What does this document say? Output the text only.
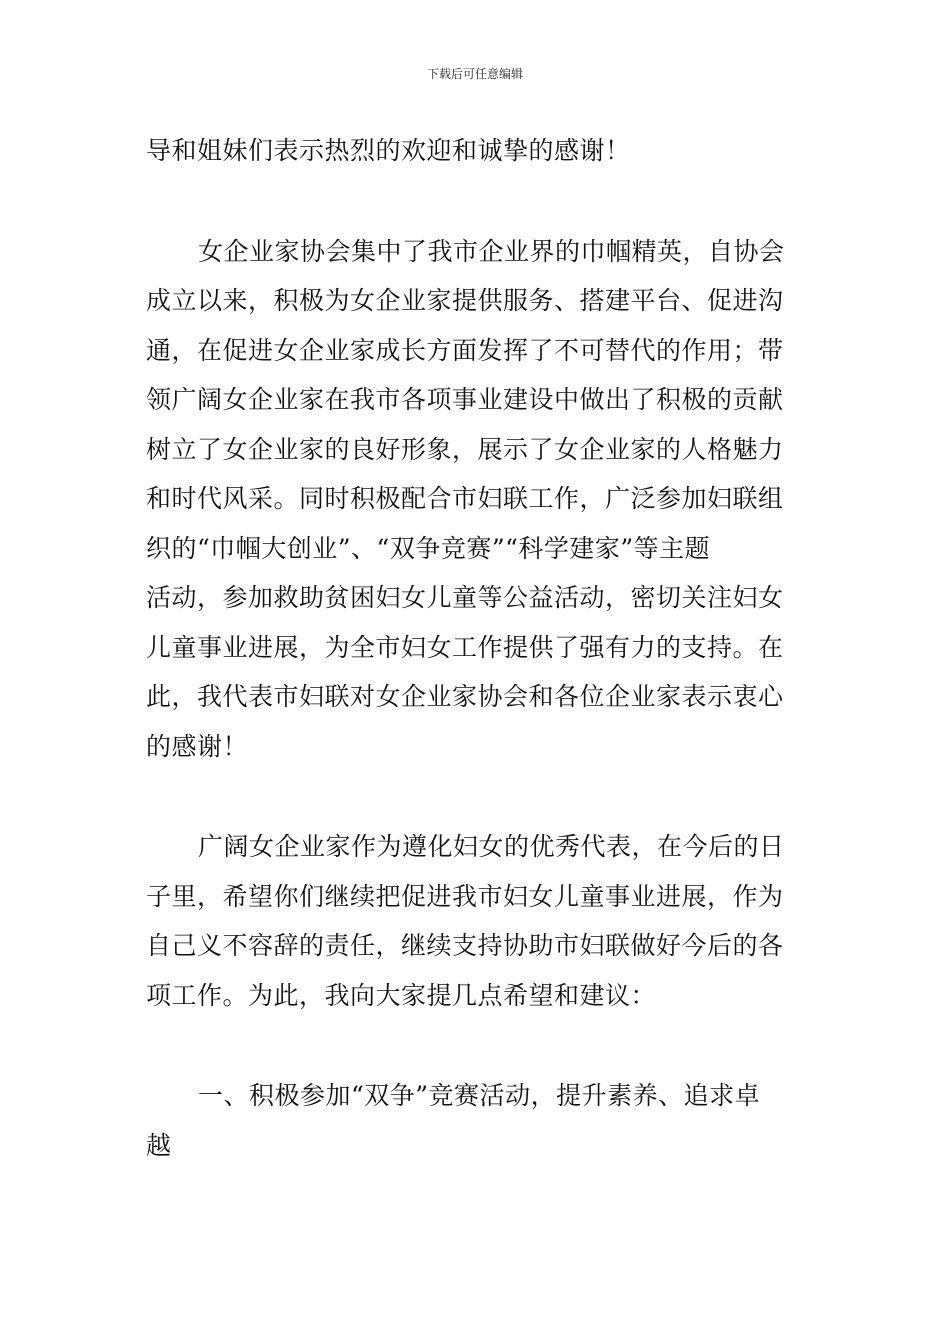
下载后可任意编辑
导和姐妹们表示热烈的欢迎和诚挚的感谢！
女企业家协会集中了我市企业界的巾帼精英，自协会
成立以来，积极为女企业家提供服务、搭建平台、促进沟
通，在促进女企业家成长方面发挥了不可替代的作用；带
领广阔女企业家在我市各项事业建设中做出了积极的贡献
树立了女企业家的良好形象，展示了女企业家的人格魅力
和时代风采。同时积极配合市妇联工作，广泛参加妇联组
织的“巾帼大创业”、“双争竞赛”“科学建家”等主题
活动，参加救助贫困妇女儿童等公益活动，密切关注妇女
儿童事业进展，为全市妇女工作提供了强有力的支持。在
此，我代表市妇联对女企业家协会和各位企业家表示衷心
的感谢！
广阔女企业家作为遵化妇女的优秀代表，在今后的日
子里，希望你们继续把促进我市妇女儿童事业进展，作为
自己义不容辞的责任，继续支持协助市妇联做好今后的各
项工作。为此，我向大家提几点希望和建议：
一、积极参加“双争”竞赛活动，提升素养、追求卓
越
